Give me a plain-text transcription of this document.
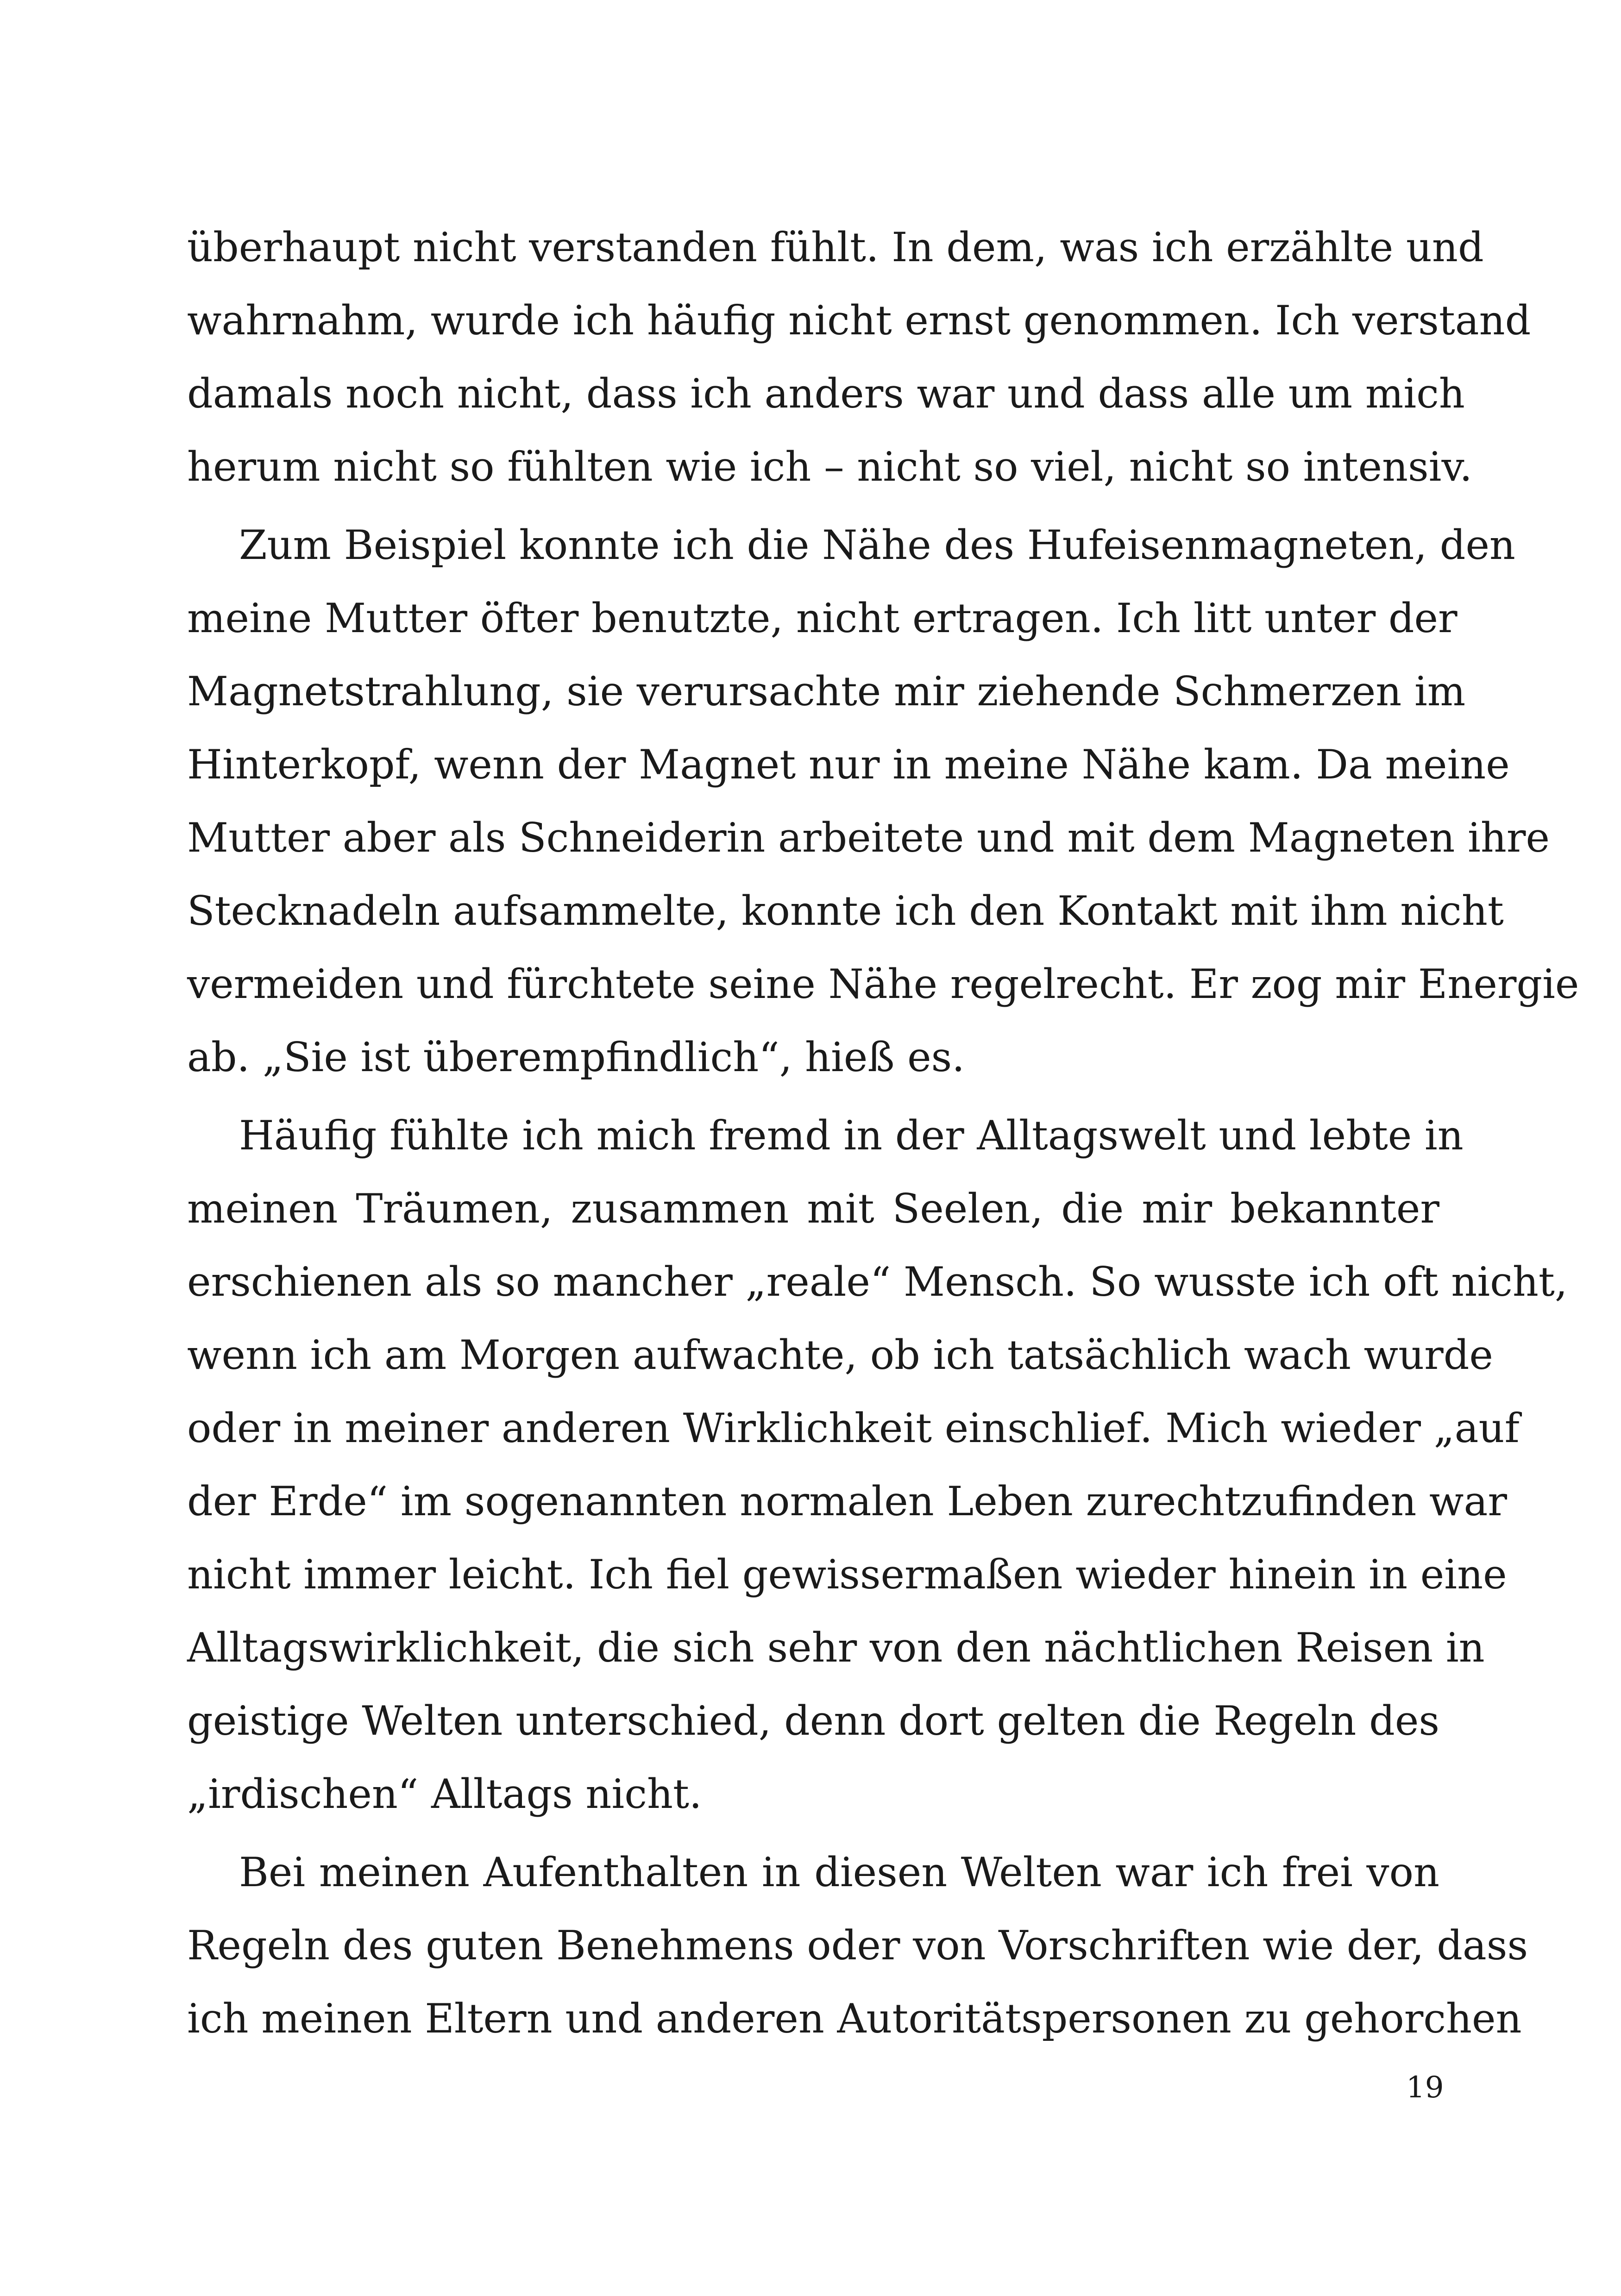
überhaupt nicht verstanden fühlt. In dem, was ich erzählte und
wahrnahm, wurde ich häufig nicht ernst genommen. Ich verstand
damals noch nicht, dass ich anders war und dass alle um mich
herum nicht so fühlten wie ich – nicht so viel, nicht so intensiv.

Zum Beispiel konnte ich die Nähe des Hufeisenmagneten, den
meine Mutter öfter benutzte, nicht ertragen. Ich litt unter der
Magnetstrahlung, sie verursachte mir ziehende Schmerzen im
Hinterkopf, wenn der Magnet nur in meine Nähe kam. Da meine
Mutter aber als Schneiderin arbeitete und mit dem Magneten ihre
Stecknadeln aufsammelte, konnte ich den Kontakt mit ihm nicht
vermeiden und fürchtete seine Nähe regelrecht. Er zog mir Energie
ab. „Sie ist überempfindlich“, hieß es.

Häufig fühlte ich mich fremd in der Alltagswelt und lebte in
meinen Träumen, zusammen mit Seelen, die mir bekannter
erschienen als so mancher „reale“ Mensch. So wusste ich oft nicht,
wenn ich am Morgen aufwachte, ob ich tatsächlich wach wurde
oder in meiner anderen Wirklichkeit einschlief. Mich wieder „auf
der Erde“ im sogenannten normalen Leben zurechtzufinden war
nicht immer leicht. Ich fiel gewissermaßen wieder hinein in eine
Alltagswirklichkeit, die sich sehr von den nächtlichen Reisen in
geistige Welten unterschied, denn dort gelten die Regeln des
„irdischen“ Alltags nicht.

Bei meinen Aufenthalten in diesen Welten war ich frei von
Regeln des guten Benehmens oder von Vorschriften wie der, dass
ich meinen Eltern und anderen Autoritätspersonen zu gehorchen

19
